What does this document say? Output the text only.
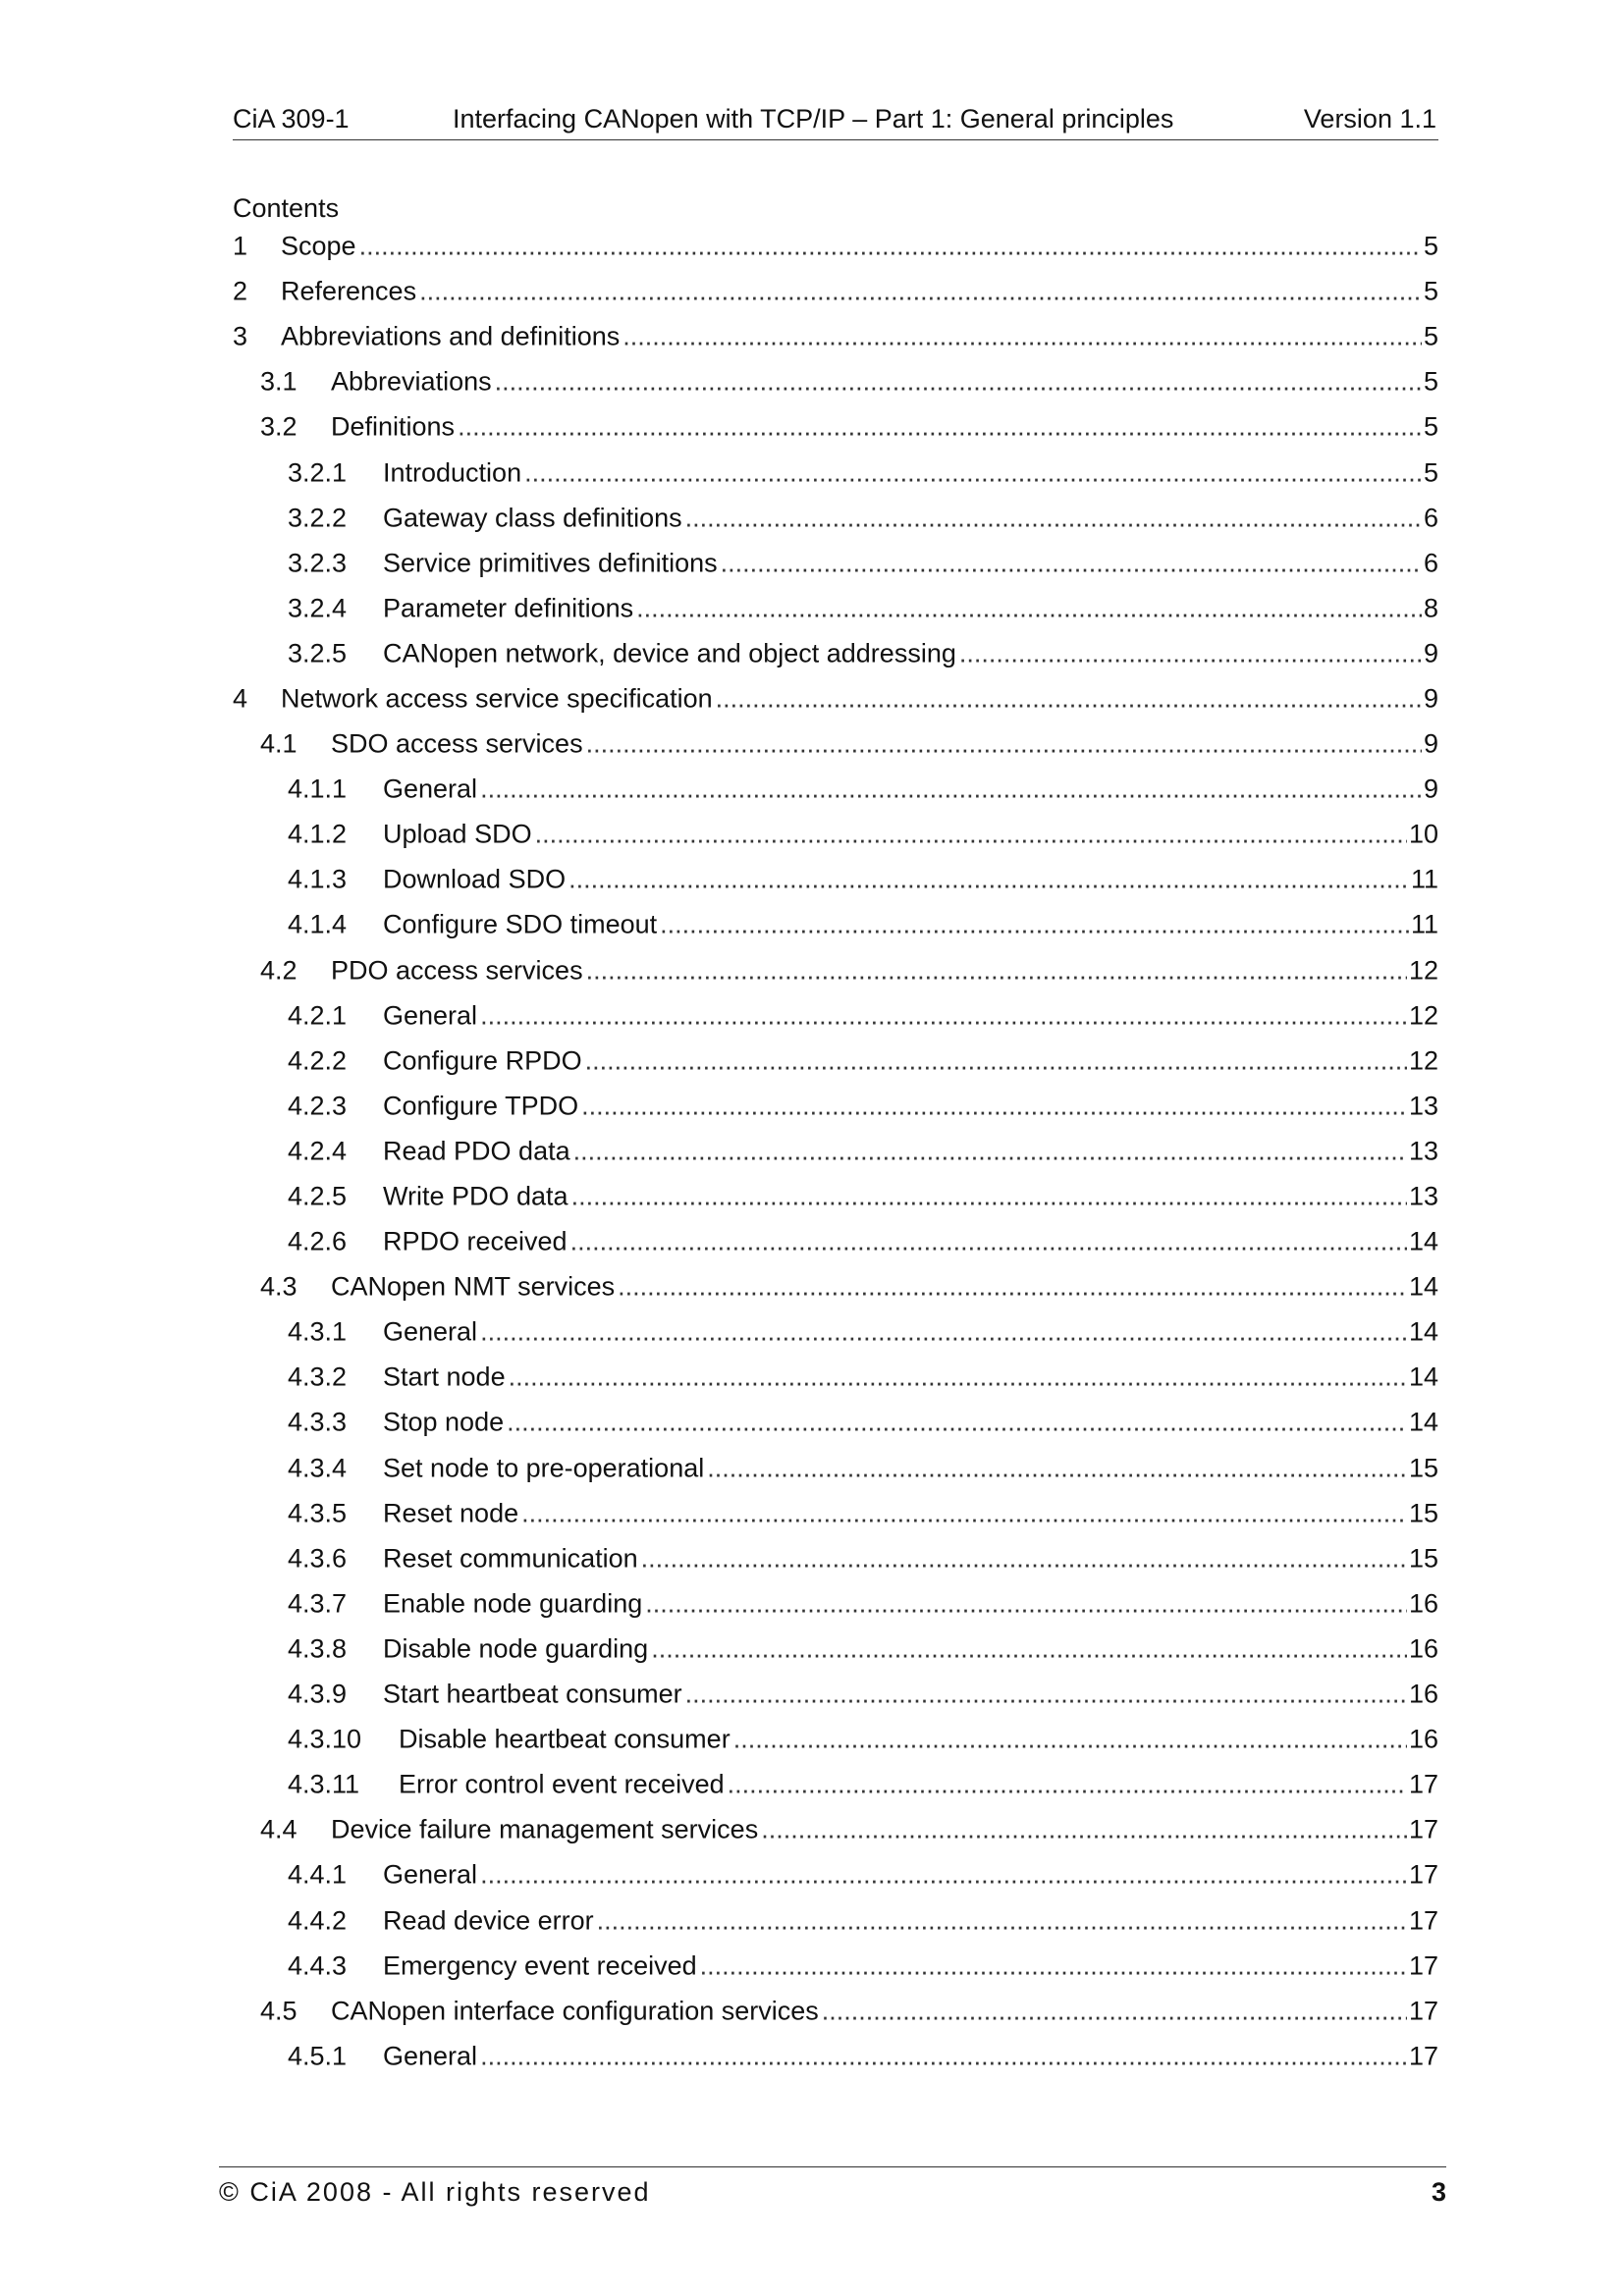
CiA 309-1	Interfacing CANopen with TCP/IP – Part 1: General principles	Version 1.1
Contents
1 Scope .....	5
2 References .....	5
3 Abbreviations and definitions .....	5
3.1 Abbreviations .....	5
3.2 Definitions .....	5
3.2.1 Introduction .....	5
3.2.2 Gateway class definitions .....	6
3.2.3 Service primitives definitions .....	6
3.2.4 Parameter definitions .....	8
3.2.5 CANopen network, device and object addressing .....	9
4 Network access service specification .....	9
4.1 SDO access services .....	9
4.1.1 General .....	9
4.1.2 Upload SDO .....	10
4.1.3 Download SDO .....	11
4.1.4 Configure SDO timeout .....	11
4.2 PDO access services .....	12
4.2.1 General .....	12
4.2.2 Configure RPDO .....	12
4.2.3 Configure TPDO .....	13
4.2.4 Read PDO data .....	13
4.2.5 Write PDO data .....	13
4.2.6 RPDO received .....	14
4.3 CANopen NMT services .....	14
4.3.1 General .....	14
4.3.2 Start node .....	14
4.3.3 Stop node .....	14
4.3.4 Set node to pre-operational .....	15
4.3.5 Reset node .....	15
4.3.6 Reset communication .....	15
4.3.7 Enable node guarding .....	16
4.3.8 Disable node guarding .....	16
4.3.9 Start heartbeat consumer .....	16
4.3.10 Disable heartbeat consumer .....	16
4.3.11 Error control event received .....	17
4.4 Device failure management services .....	17
4.4.1 General .....	17
4.4.2 Read device error .....	17
4.4.3 Emergency event received .....	17
4.5 CANopen interface configuration services .....	17
4.5.1 General .....	17
© CiA 2008 - All rights reserved	3
